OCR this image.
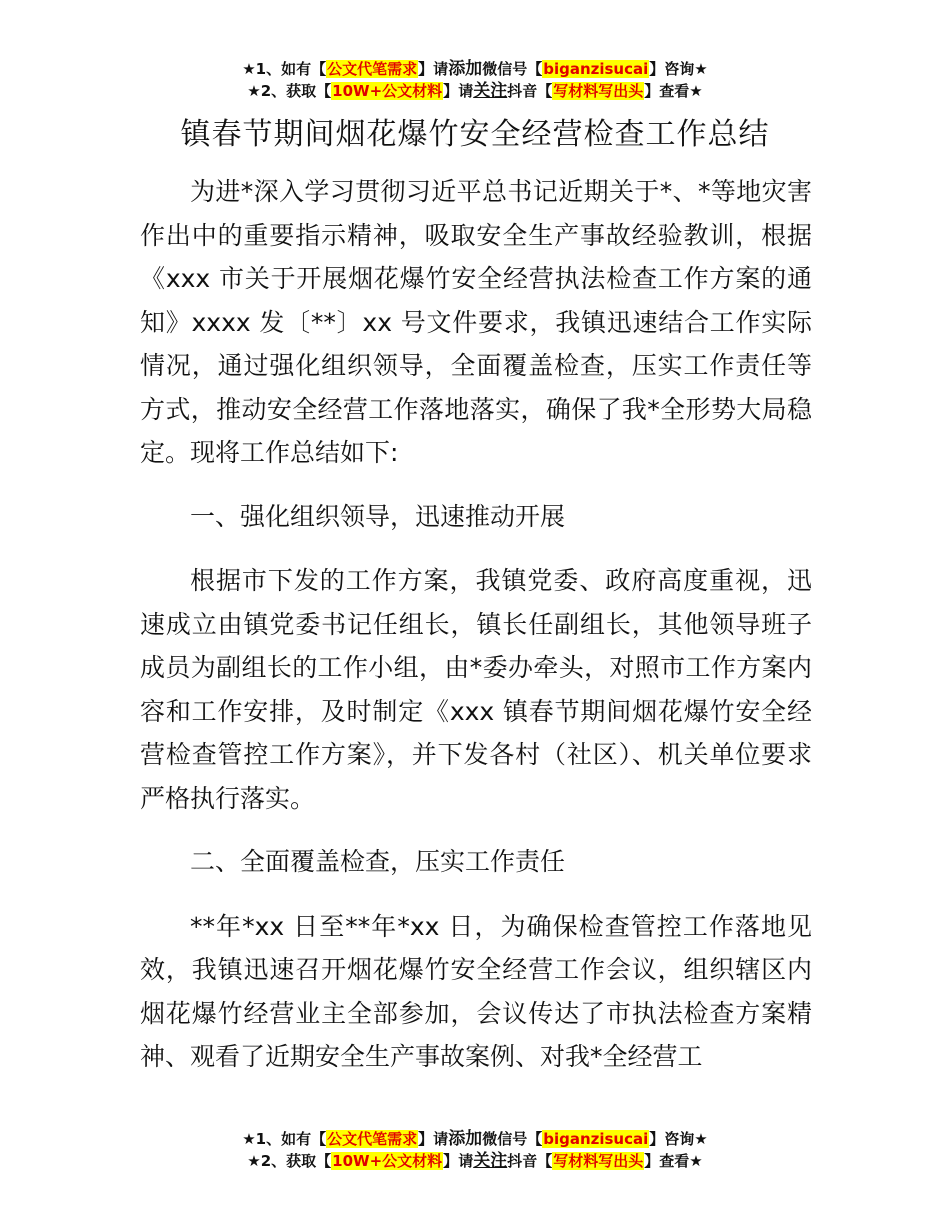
★1、如有【公文代笔需求】请添加微信号【biganzisucai】咨询★
★2、获取【10W+公文材料】请关注抖音【写材料写出头】查看★
镇春节期间烟花爆竹安全经营检查工作总结

为进*深入学习贯彻习近平总书记近期关于*、*等地灾害作出中的重要指示精神，吸取安全生产事故经验教训，根据《xxx 市关于开展烟花爆竹安全经营执法检查工作方案的通知》xxxx 发〔**〕xx 号文件要求，我镇迅速结合工作实际情况，通过强化组织领导，全面覆盖检查，压实工作责任等方式，推动安全经营工作落地落实，确保了我*全形势大局稳定。现将工作总结如下:

一、强化组织领导，迅速推动开展

根据市下发的工作方案，我镇党委、政府高度重视，迅速成立由镇党委书记任组长，镇长任副组长，其他领导班子成员为副组长的工作小组，由*委办牵头，对照市工作方案内容和工作安排，及时制定《xxx 镇春节期间烟花爆竹安全经营检查管控工作方案》，并下发各村（社区）、机关单位要求严格执行落实。

二、全面覆盖检查，压实工作责任

**年*xx 日至**年*xx 日，为确保检查管控工作落地见效，我镇迅速召开烟花爆竹安全经营工作会议，组织辖区内烟花爆竹经营业主全部参加，会议传达了市执法检查方案精神、观看了近期安全生产事故案例、对我*全经营工

★1、如有【公文代笔需求】请添加微信号【biganzisucai】咨询★
★2、获取【10W+公文材料】请关注抖音【写材料写出头】查看★
